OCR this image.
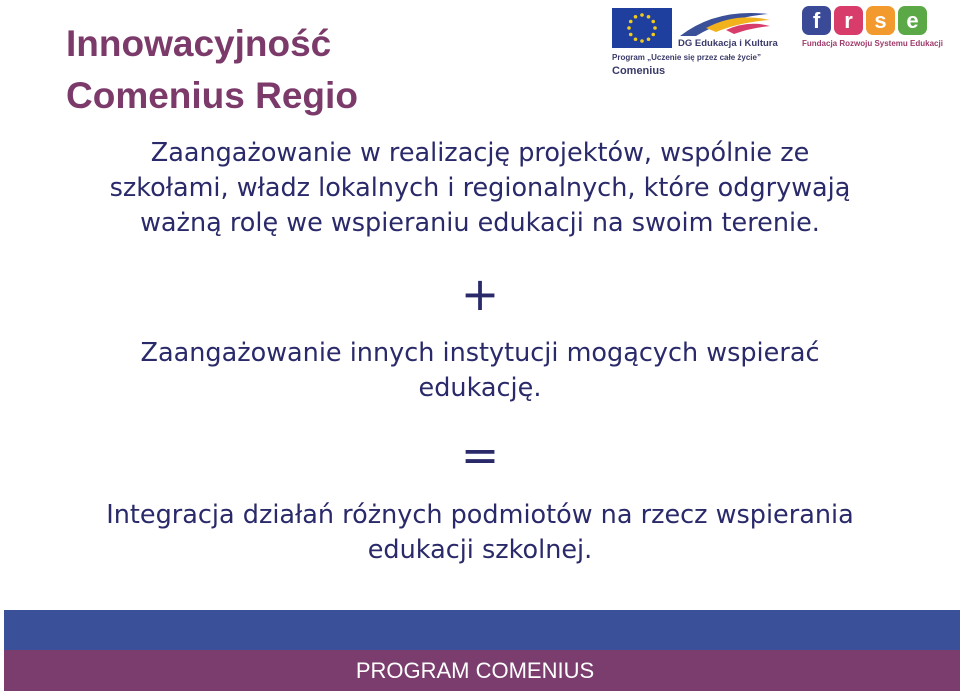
Innowacyjność
Comenius Regio

DG Edukacja i Kultura

Program „Uczenie się przez całe życie”

Comenius

f	r s e

Fundacja Rozwoju Systemu Edukacji

Zaangażowanie w realizację projektów, wspólnie ze
szkołami, władz lokalnych i regionalnych, które odgrywają
ważną rolę we wspieraniu edukacji na swoim terenie.

+

Zaangażowanie innych instytucji mogących wspierać
edukację.

=

Integracja działań różnych podmiotów na rzecz wspierania
edukacji szkolnej.

PROGRAM COMENIUS
